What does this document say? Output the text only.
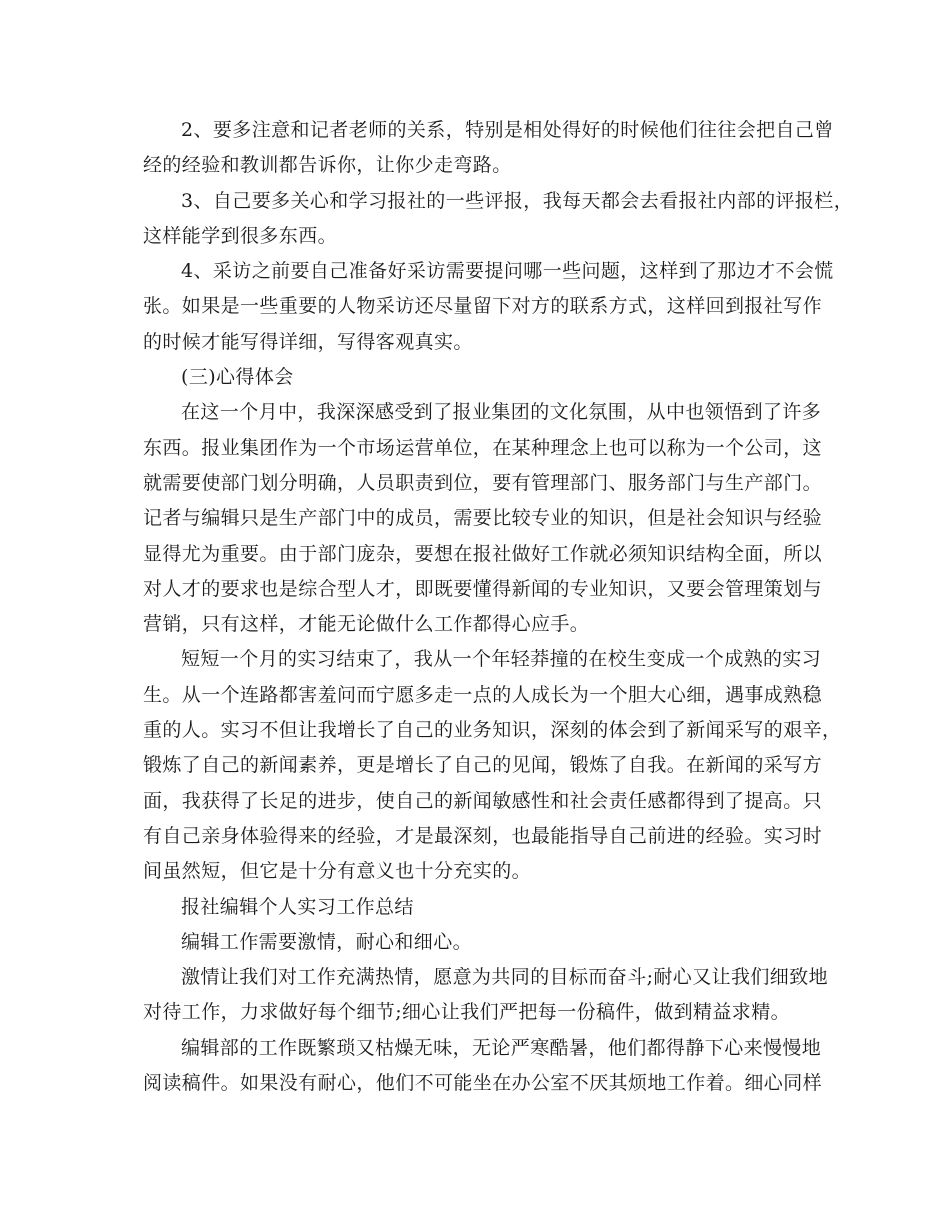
2、要多注意和记者老师的关系，特别是相处得好的时候他们往往会把自己曾
经的经验和教训都告诉你，让你少走弯路。
3、自己要多关心和学习报社的一些评报，我每天都会去看报社内部的评报栏，
这样能学到很多东西。
4、采访之前要自己准备好采访需要提问哪一些问题，这样到了那边才不会慌
张。如果是一些重要的人物采访还尽量留下对方的联系方式，这样回到报社写作
的时候才能写得详细，写得客观真实。
(三)心得体会
在这一个月中，我深深感受到了报业集团的文化氛围，从中也领悟到了许多
东西。报业集团作为一个市场运营单位，在某种理念上也可以称为一个公司，这
就需要使部门划分明确，人员职责到位，要有管理部门、服务部门与生产部门。
记者与编辑只是生产部门中的成员，需要比较专业的知识，但是社会知识与经验
显得尤为重要。由于部门庞杂，要想在报社做好工作就必须知识结构全面，所以
对人才的要求也是综合型人才，即既要懂得新闻的专业知识，又要会管理策划与
营销，只有这样，才能无论做什么工作都得心应手。
短短一个月的实习结束了，我从一个年轻莽撞的在校生变成一个成熟的实习
生。从一个连路都害羞问而宁愿多走一点的人成长为一个胆大心细，遇事成熟稳
重的人。实习不但让我增长了自己的业务知识，深刻的体会到了新闻采写的艰辛，
锻炼了自己的新闻素养，更是增长了自己的见闻，锻炼了自我。在新闻的采写方
面，我获得了长足的进步，使自己的新闻敏感性和社会责任感都得到了提高。只
有自己亲身体验得来的经验，才是最深刻，也最能指导自己前进的经验。实习时
间虽然短，但它是十分有意义也十分充实的。
报社编辑个人实习工作总结
编辑工作需要激情，耐心和细心。
激情让我们对工作充满热情，愿意为共同的目标而奋斗;耐心又让我们细致地
对待工作，力求做好每个细节;细心让我们严把每一份稿件，做到精益求精。
编辑部的工作既繁琐又枯燥无味，无论严寒酷暑，他们都得静下心来慢慢地
阅读稿件。如果没有耐心，他们不可能坐在办公室不厌其烦地工作着。细心同样
